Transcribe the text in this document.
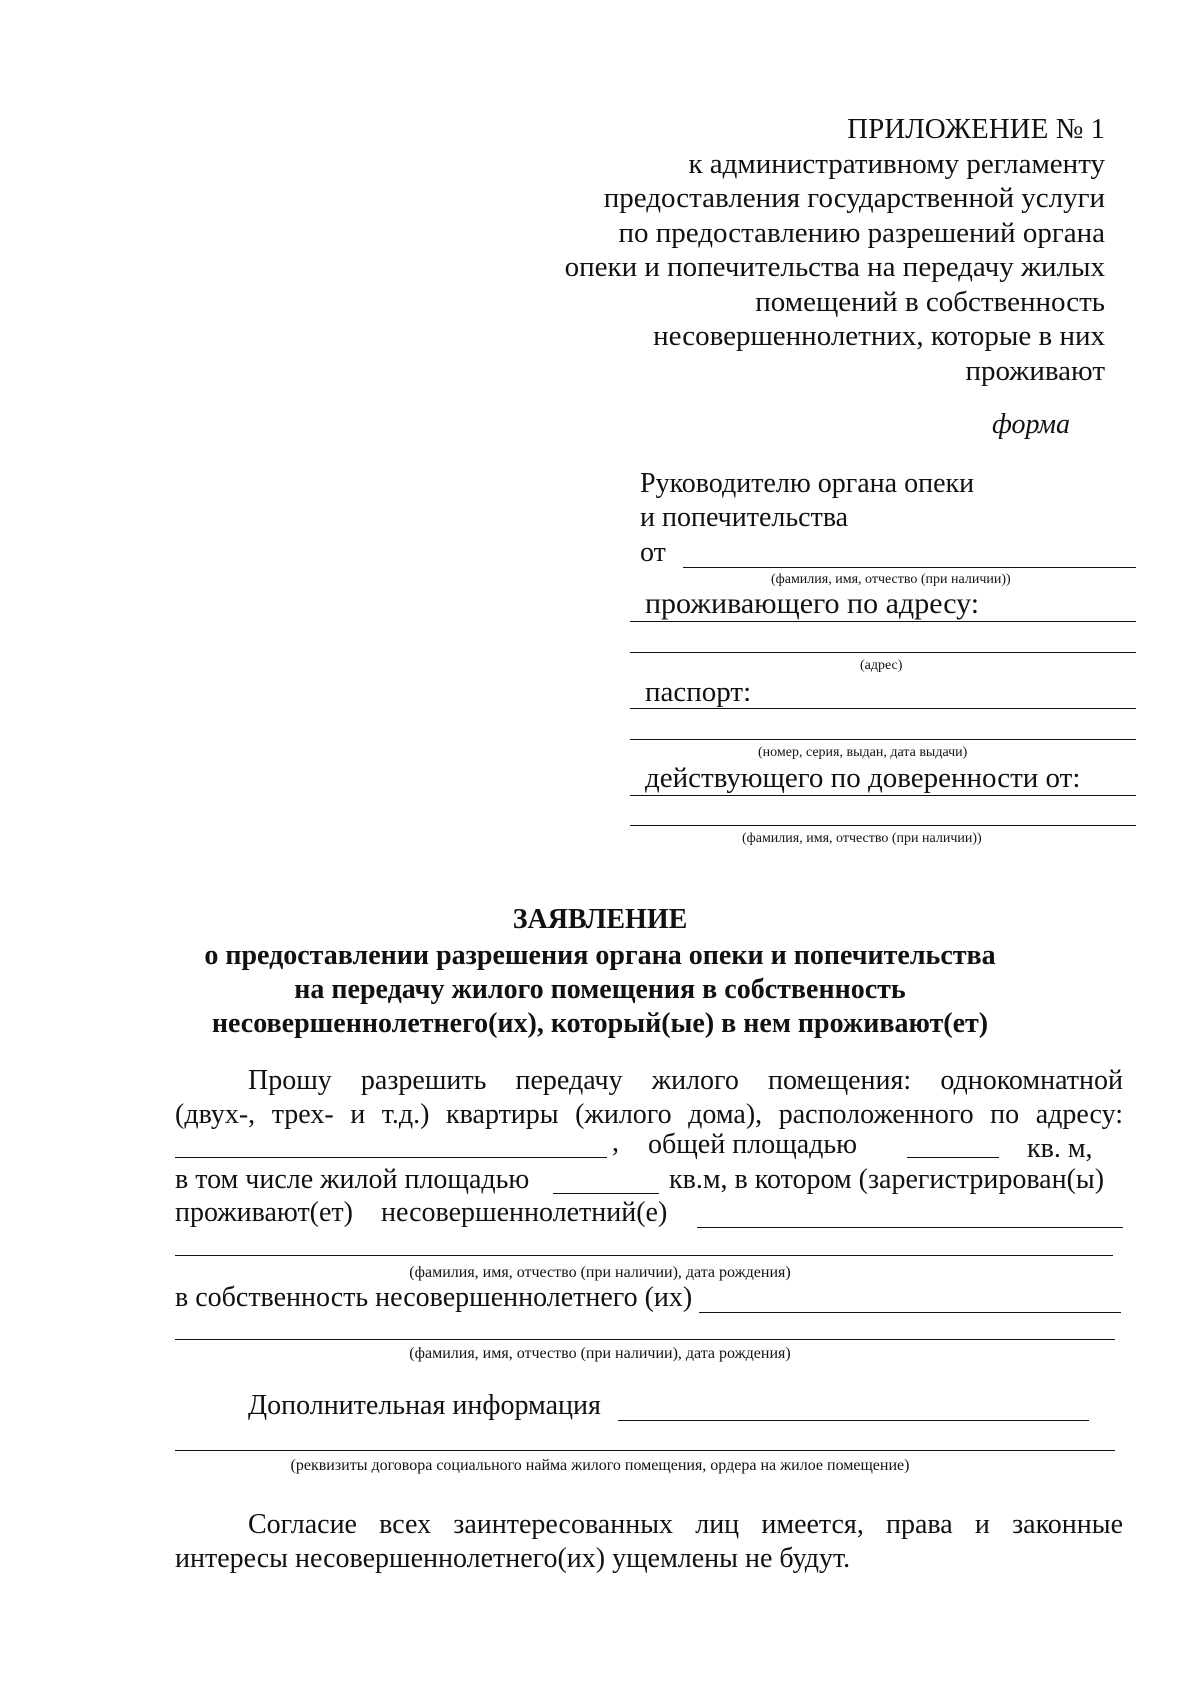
ПРИЛОЖЕНИЕ № 1
к административному регламенту
предоставления государственной услуги
по предоставлению разрешений органа
опеки и попечительства на передачу жилых
помещений в собственность
несовершеннолетних, которые в них
проживают
форма
Руководителю органа опеки
и попечительства
от
(фамилия, имя, отчество (при наличии))
проживающего по адресу:
(адрес)
паспорт:
(номер, серия, выдан, дата выдачи)
действующего по доверенности от:
(фамилия, имя, отчество (при наличии))
ЗАЯВЛЕНИЕ
о предоставлении разрешения органа опеки и попечительства
на передачу жилого помещения в собственность
несовершеннолетнего(их), который(ые) в нем проживают(ет)
Прошу разрешить передачу жилого помещения: однокомнатной
(двух-, трех- и т.д.) квартиры (жилого дома), расположенного по адресу:
, общей площадью	кв. м,
в том числе жилой площадью	кв.м, в котором (зарегистрирован(ы)
проживают(ет)    несовершеннолетний(е)
(фамилия, имя, отчество (при наличии), дата рождения)
в собственность несовершеннолетнего (их)
(фамилия, имя, отчество (при наличии), дата рождения)
Дополнительная информация
(реквизиты договора социального найма жилого помещения, ордера на жилое помещение)
Согласие всех заинтересованных лиц имеется, права и законные
интересы несовершеннолетнего(их) ущемлены не будут.
